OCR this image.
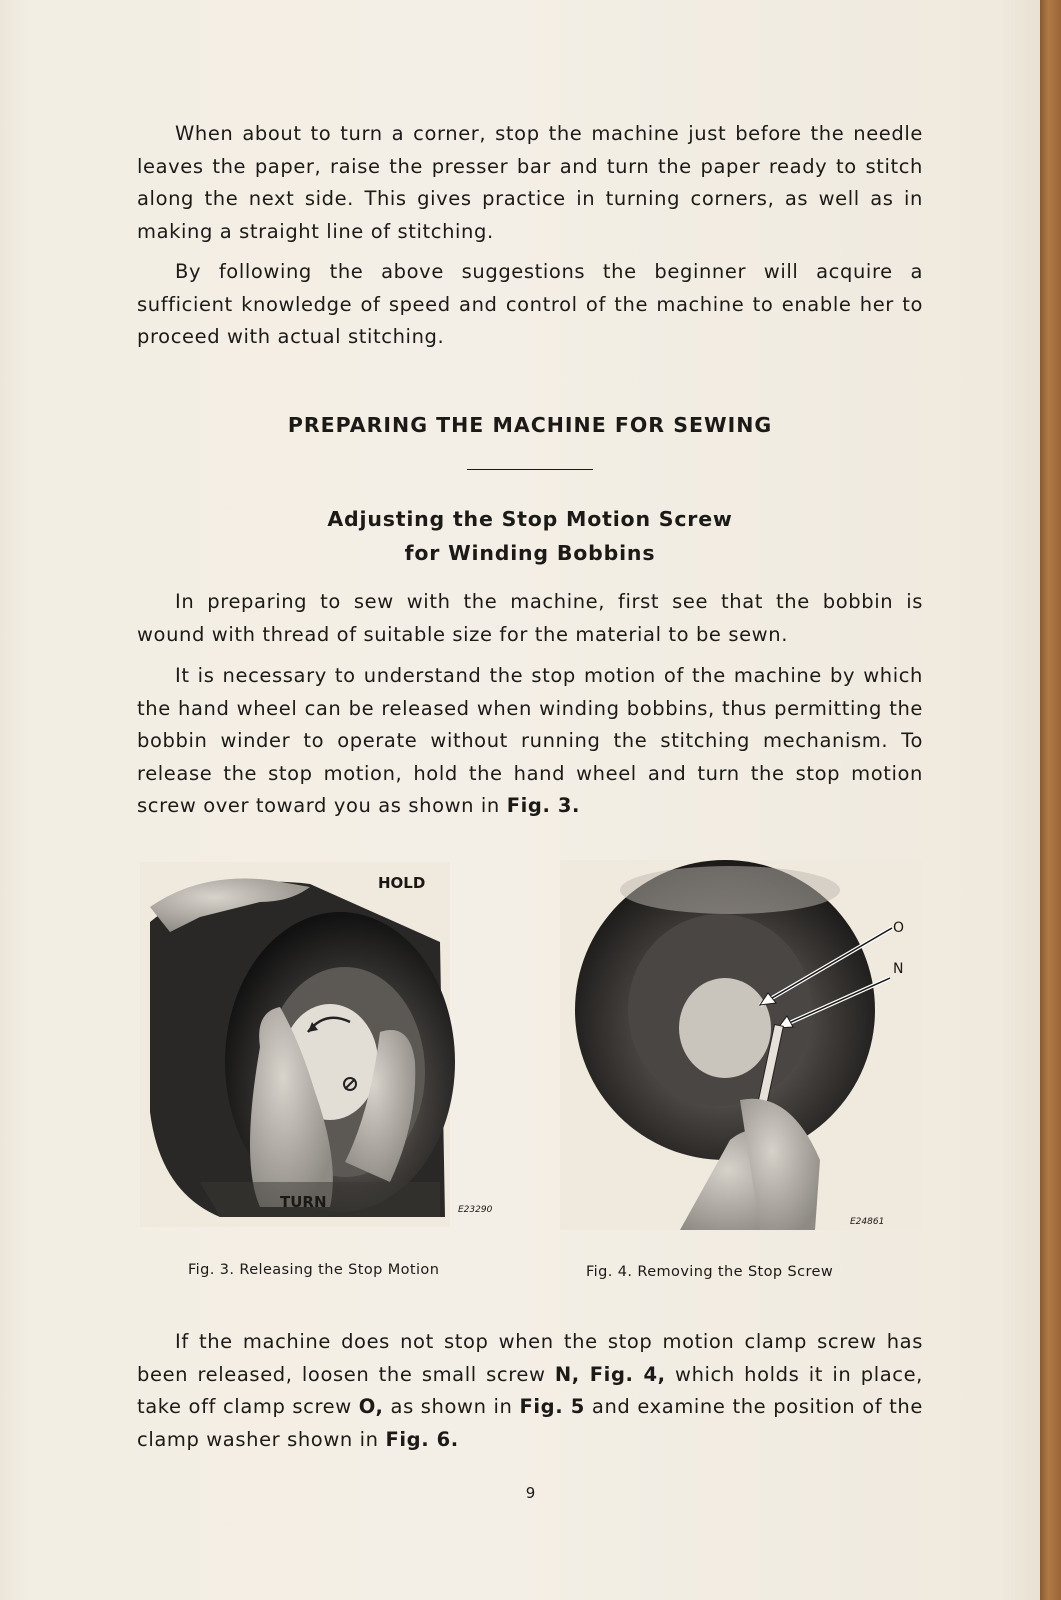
When about to turn a corner, stop the machine just before the needle leaves the paper, raise the presser bar and turn the paper ready to stitch along the next side. This gives practice in turning corners, as well as in making a straight line of stitching.

By following the above suggestions the beginner will acquire a sufficient knowledge of speed and control of the machine to enable her to proceed with actual stitching.

PREPARING THE MACHINE FOR SEWING
Adjusting the Stop Motion Screw
for Winding Bobbins

In preparing to sew with the machine, first see that the bobbin is wound with thread of suitable size for the material to be sewn.

It is necessary to understand the stop motion of the machine by which the hand wheel can be released when winding bobbins, thus permitting the bobbin winder to operate without running the stitching mechanism. To release the stop motion, hold the hand wheel and turn the stop motion screw over toward you as shown in Fig. 3.

HOLD
TURN	E23290
Fig. 3. Releasing the Stop Motion
O
N
E24861
Fig. 4. Removing the Stop Screw

If the machine does not stop when the stop motion clamp screw has been released, loosen the small screw N, Fig. 4, which holds it in place, take off clamp screw O, as shown in Fig. 5 and examine the position of the clamp washer shown in Fig. 6.

9
